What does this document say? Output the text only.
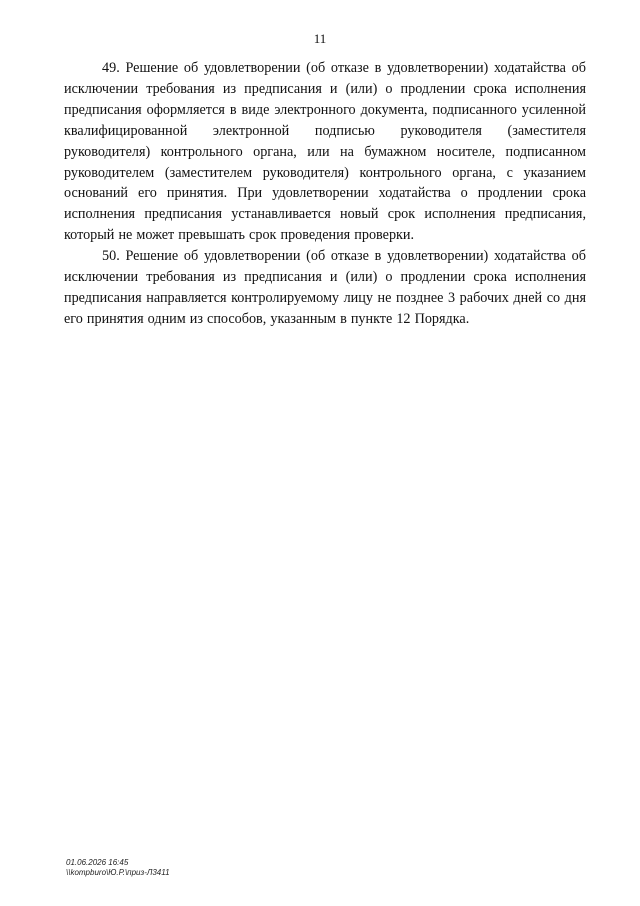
11

49. Решение об удовлетворении (об отказе в удовлетворении) ходатайства об исключении требования из предписания и (или) о продлении срока исполнения предписания оформляется в виде электронного документа, подписанного усиленной квалифицированной электронной подписью руководителя (заместителя руководителя) контрольного органа, или на бумажном носителе, подписанном руководителем (заместителем руководителя) контрольного органа, с указанием оснований его принятия. При удовлетворении ходатайства о продлении срока исполнения предписания устанавливается новый срок исполнения предписания, который не может превышать срок проведения проверки.

50. Решение об удовлетворении (об отказе в удовлетворении) ходатайства об исключении требования из предписания и (или) о продлении срока исполнения предписания направляется контролируемому лицу не позднее 3 рабочих дней со дня его принятия одним из способов, указанным в пункте 12 Порядка.

01.06.2026 16:45
\\kompburo\Ю.Р.\приз-Л3411
